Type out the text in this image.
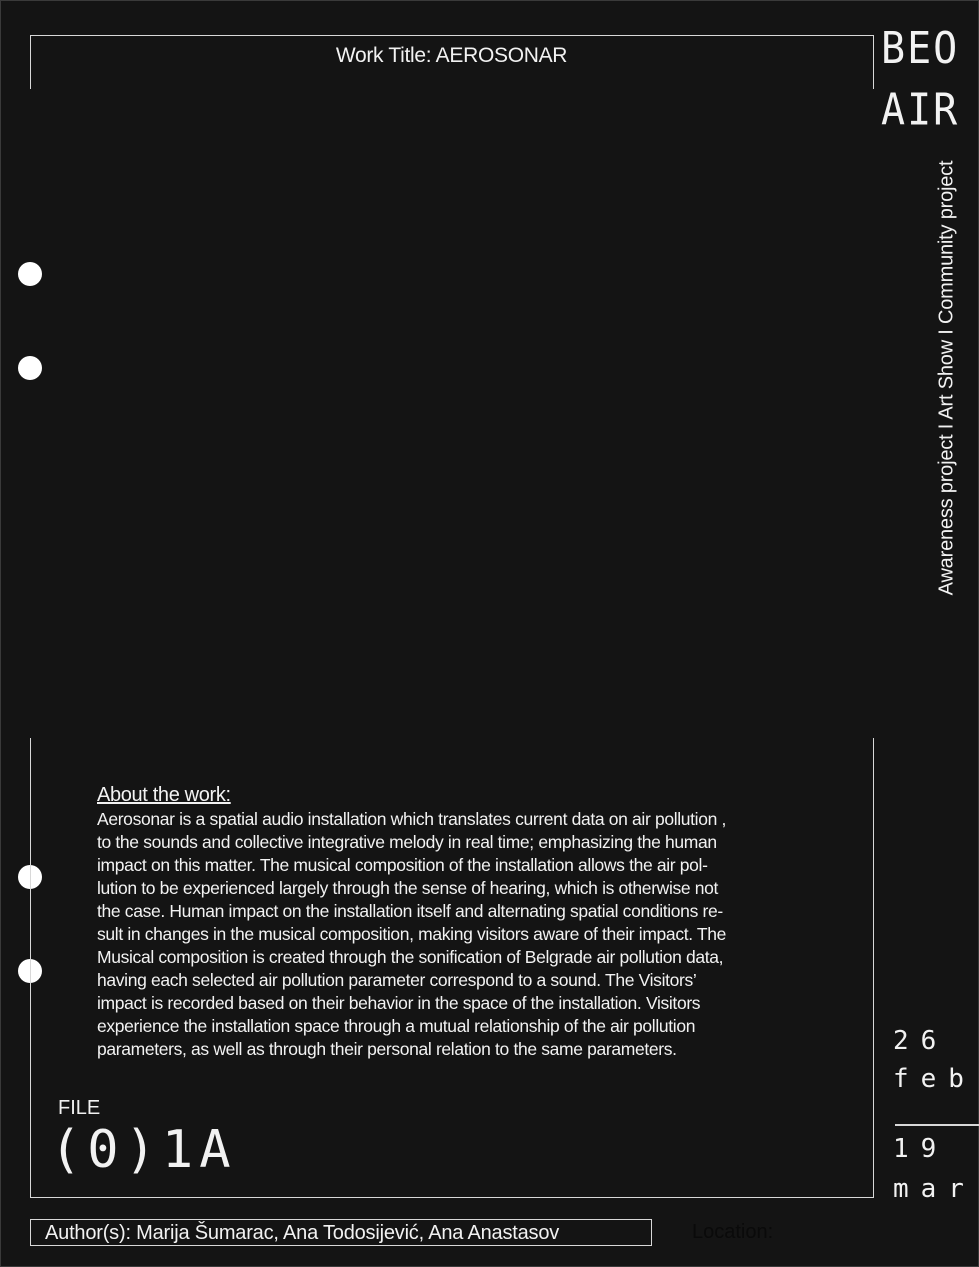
Work Title: AEROSONAR	BEO
AIR
Awareness project I Art Show I Community project
About the work:
Aerosonar is a spatial audio installation which translates current data on air pollution ,
to the sounds and collective integrative melody in real time; emphasizing the human
impact on this matter. The musical composition of the installation allows the air pol-
lution to be experienced largely through the sense of hearing, which is otherwise not
the case. Human impact on the installation itself and alternating spatial conditions re-
sult in changes in the musical composition, making visitors aware of their impact. The
Musical composition is created through the sonification of Belgrade air pollution data,
having each selected air pollution parameter correspond to a sound. The Visitors’
impact is recorded based on their behavior in the space of the installation. Visitors
experience the installation space through a mutual relationship of the air pollution
parameters, as well as through their personal relation to the same parameters.
FILE
(0)1A
Author(s): Marija Šumarac, Ana Todosijević, Ana Anastasov	Location:
26
feb
19
mar
